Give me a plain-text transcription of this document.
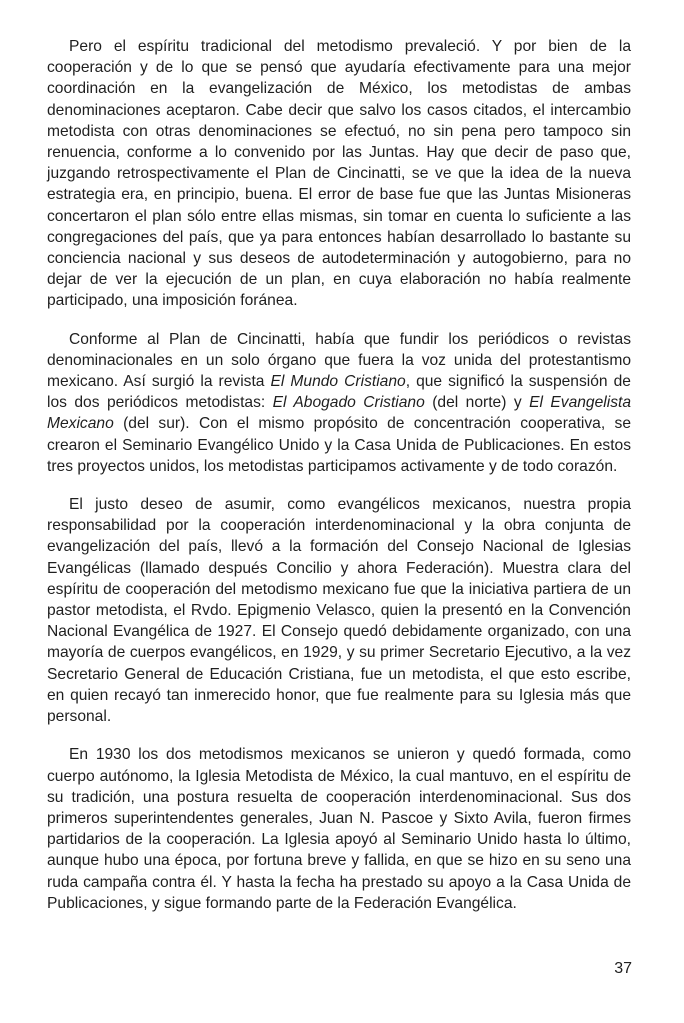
Pero el espíritu tradicional del metodismo prevaleció. Y por bien de la cooperación y de lo que se pensó que ayudaría efectivamente para una mejor coordinación en la evangelización de México, los metodistas de ambas denominaciones aceptaron. Cabe decir que salvo los casos citados, el intercambio metodista con otras denominaciones se efectuó, no sin pena pero tampoco sin renuencia, conforme a lo convenido por las Juntas. Hay que decir de paso que, juzgando retrospectivamente el Plan de Cincinatti, se ve que la idea de la nueva estrategia era, en principio, buena. El error de base fue que las Juntas Misioneras concertaron el plan sólo entre ellas mismas, sin tomar en cuenta lo suficiente a las congregaciones del país, que ya para entonces habían desarrollado lo bastante su conciencia nacional y sus deseos de autodeterminación y autogobierno, para no dejar de ver la ejecución de un plan, en cuya elaboración no había realmente participado, una imposición foránea.

Conforme al Plan de Cincinatti, había que fundir los periódicos o revistas denominacionales en un solo órgano que fuera la voz unida del protestantismo mexicano. Así surgió la revista El Mundo Cristiano, que significó la suspensión de los dos periódicos metodistas: El Abogado Cristiano (del norte) y El Evangelista Mexicano (del sur). Con el mismo propósito de concentración cooperativa, se crearon el Seminario Evangélico Unido y la Casa Unida de Publicaciones. En estos tres proyectos unidos, los metodistas participamos activamente y de todo corazón.

El justo deseo de asumir, como evangélicos mexicanos, nuestra propia responsabilidad por la cooperación interdenominacional y la obra conjunta de evangelización del país, llevó a la formación del Consejo Nacional de Iglesias Evangélicas (llamado después Concilio y ahora Federación). Muestra clara del espíritu de cooperación del metodismo mexicano fue que la iniciativa partiera de un pastor metodista, el Rvdo. Epigmenio Velasco, quien la presentó en la Convención Nacional Evangélica de 1927. El Consejo quedó debidamente organizado, con una mayoría de cuerpos evangélicos, en 1929, y su primer Secretario Ejecutivo, a la vez Secretario General de Educación Cristiana, fue un metodista, el que esto escribe, en quien recayó tan inmerecido honor, que fue realmente para su Iglesia más que personal.

En 1930 los dos metodismos mexicanos se unieron y quedó formada, como cuerpo autónomo, la Iglesia Metodista de México, la cual mantuvo, en el espíritu de su tradición, una postura resuelta de cooperación interdenominacional. Sus dos primeros superintendentes generales, Juan N. Pascoe y Sixto Avila, fueron firmes partidarios de la cooperación. La Iglesia apoyó al Seminario Unido hasta lo último, aunque hubo una época, por fortuna breve y fallida, en que se hizo en su seno una ruda campaña contra él. Y hasta la fecha ha prestado su apoyo a la Casa Unida de Publicaciones, y sigue formando parte de la Federación Evangélica.

37
